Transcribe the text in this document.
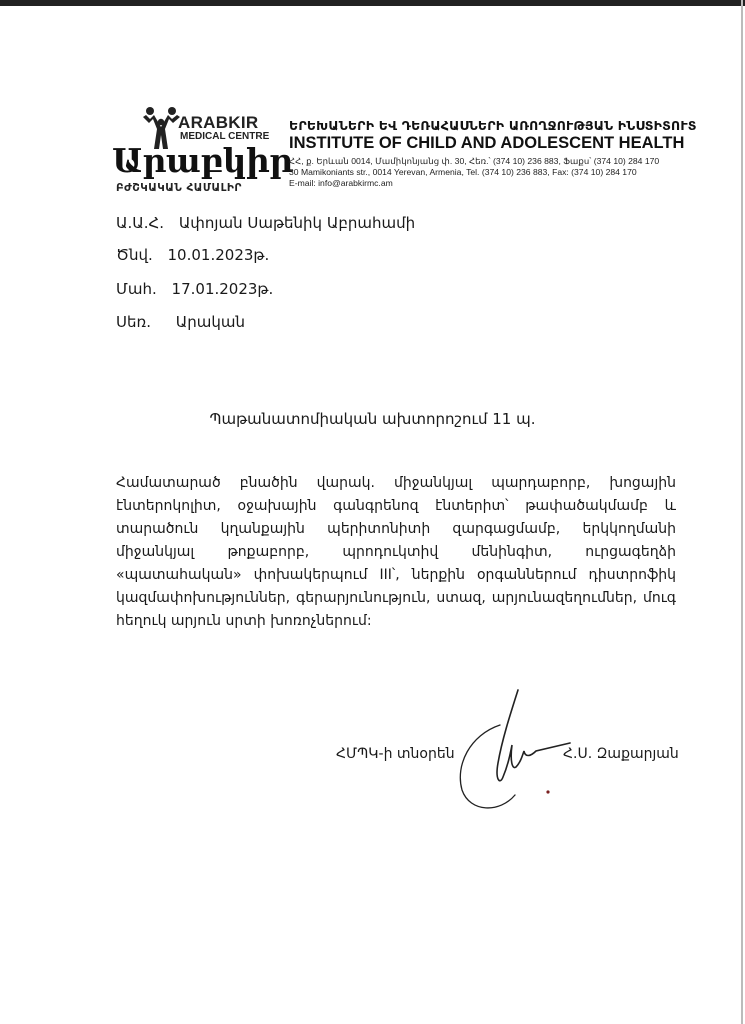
ARABKIR
MEDICAL CENTRE
Արաբկիր
ԲԺՇԿԱԿԱՆ ՀԱՄԱԼԻՐ
ԵՐԵԽԱՆԵՐԻ ԵՎ ԴԵՌԱՀԱՍՆԵՐԻ ԱՌՈՂՋՈՒԹՅԱՆ ԻՆՍՏԻՏՈՒՏ
INSTITUTE OF CHILD AND ADOLESCENT HEALTH
ՀՀ, ք. Երևան 0014, Մամիկոնյանց փ. 30, Հեռ.՝ (374 10) 236 883, Ֆաքս՝ (374 10) 284 170
30 Mamikoniants str., 0014 Yerevan, Armenia, Tel. (374 10) 236 883, Fax: (374 10) 284 170
E-mail: info@arabkirmc.am
Ա.Ա.Հ. Ափոյան Սաթենիկ Աբրահամի
Ծնվ. 10.01.2023թ.
Մահ. 17.01.2023թ.
Սեռ. Արական
Պաթանատոմիական ախտորոշում 11 պ.
Համատարած բնածին վարակ. միջանկյալ պարդաբորբ, խոցային էնտերոկոլիտ, օջախային գանգրենոզ էնտերիտ՝ թափածակմամբ և տարածուն կղանքային պերիտոնիտի զարգացմամբ, երկկողմանի միջանկյալ թոքաբորբ, պրոդուկտիվ մենինգիտ, ուրցագեղձի «պատահական» փոխակերպում III՝, ներքին օրգաններում դիստրոֆիկ կազմափոխություններ, գերարյունություն, ստազ, արյունազեղումներ, մուգ հեղուկ արյուն սրտի խոռոչներում:
ՀՄՊԿ-ի տնօրեն	Հ.Ս. Զաքարյան
